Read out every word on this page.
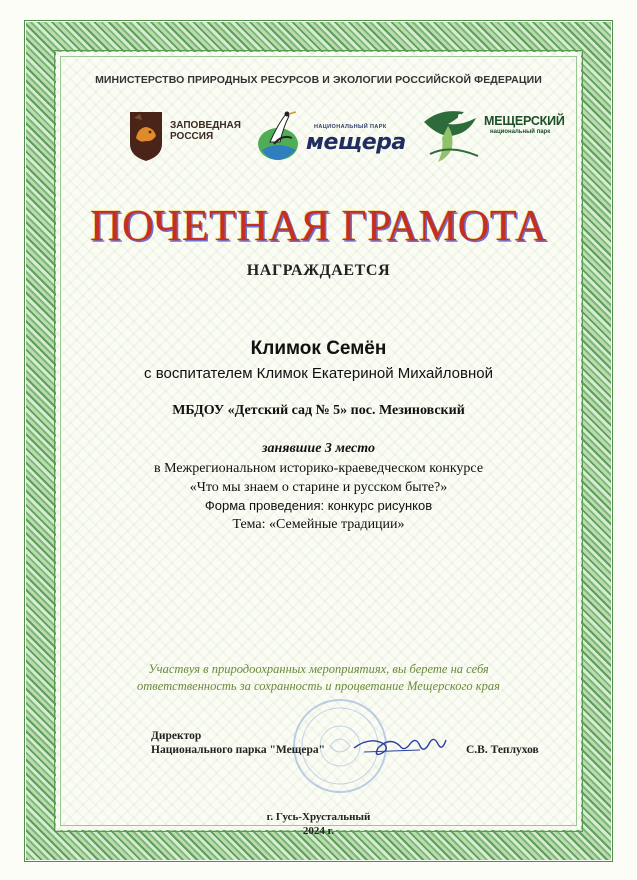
МИНИСТЕРСТВО ПРИРОДНЫХ РЕСУРСОВ И ЭКОЛОГИИ РОССИЙСКОЙ ФЕДЕРАЦИИ
ЗАПОВЕДНАЯ
РОССИЯ
НАЦИОНАЛЬНЫЙ ПАРК
мещера
МЕЩЕРСКИЙ
национальный парк
ПОЧЕТНАЯ ГРАМОТА
НАГРАЖДАЕТСЯ
Климок Семён
с воспитателем Климок Екатериной Михайловной
МБДОУ «Детский сад № 5» пос. Мезиновский
занявшие 3 место
в Межрегиональном историко-краеведческом конкурсе
«Что мы знаем о старине и русском быте?»
Форма проведения: конкурс рисунков
Тема: «Семейные традиции»
Участвуя в природоохранных мероприятиях, вы берете на себя
ответственность за сохранность и процветание Мещерского края
Директор
Национального парка "Мещера"	С.В. Теплухов
г. Гусь-Хрустальный
2024 г.
